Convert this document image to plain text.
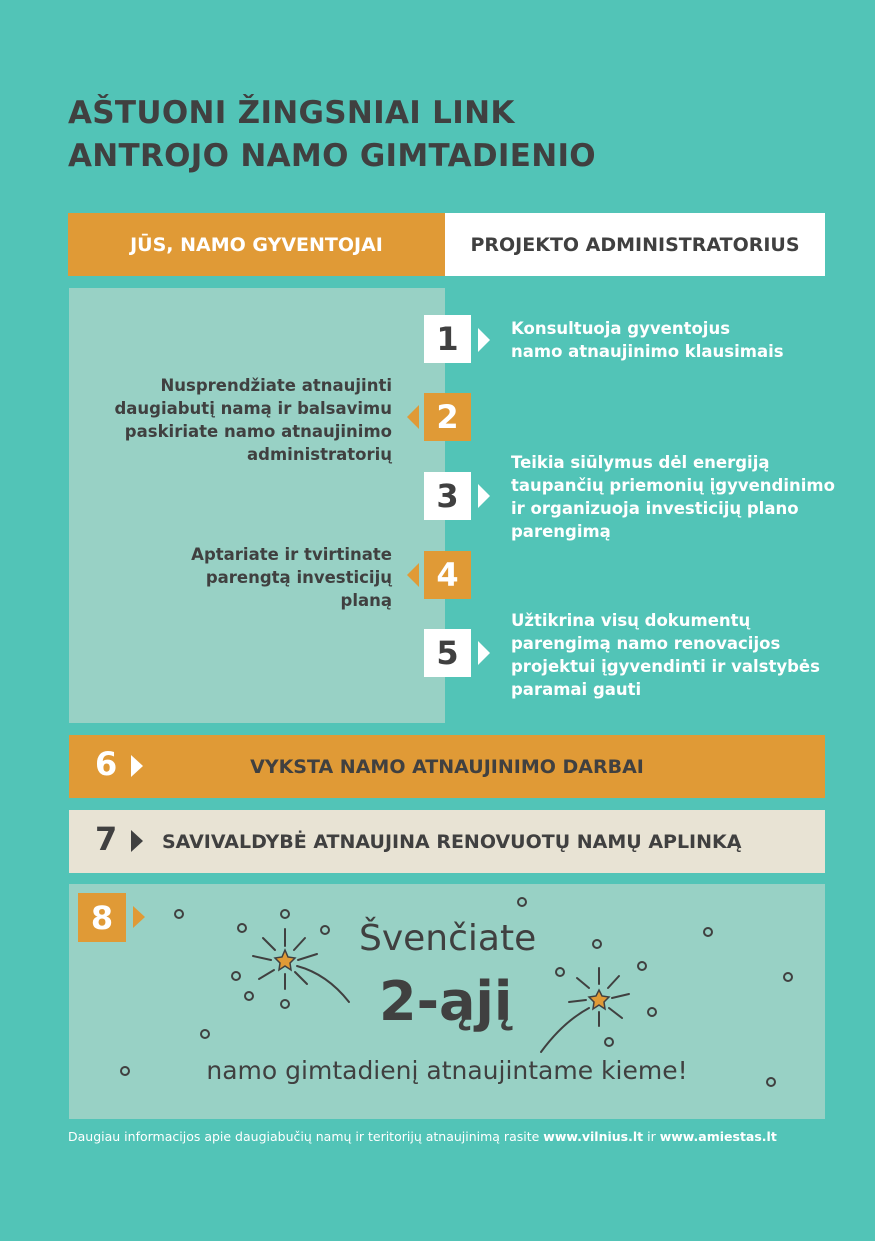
AŠTUONI ŽINGSNIAI LINK
ANTROJO NAMO GIMTADIENIO
JŪS, NAMO GYVENTOJAI	PROJEKTO ADMINISTRATORIUS
1	Konsultuoja gyventojus
namo atnaujinimo klausimais
2
Nusprendžiate atnaujinti
daugiabutį namą ir balsavimu
paskiriate namo atnaujinimo
administratorių
3
Teikia siūlymus dėl energiją
taupančių priemonių įgyvendinimo
ir organizuoja investicijų plano
parengimą
4
Aptariate ir tvirtinate
parengtą investicijų
planą
5
Užtikrina visų dokumentų
parengimą namo renovacijos
projektui įgyvendinti ir valstybės
paramai gauti
6	VYKSTA NAMO ATNAUJINIMO DARBAI
7 SAVIVALDYBĖ ATNAUJINA RENOVUOTŲ NAMŲ APLINKĄ
8
Švenčiate
2-ąjį
namo gimtadienį atnaujintame kieme!
Daugiau informacijos apie daugiabučių namų ir teritorijų atnaujinimą rasite www.vilnius.lt ir www.amiestas.lt
